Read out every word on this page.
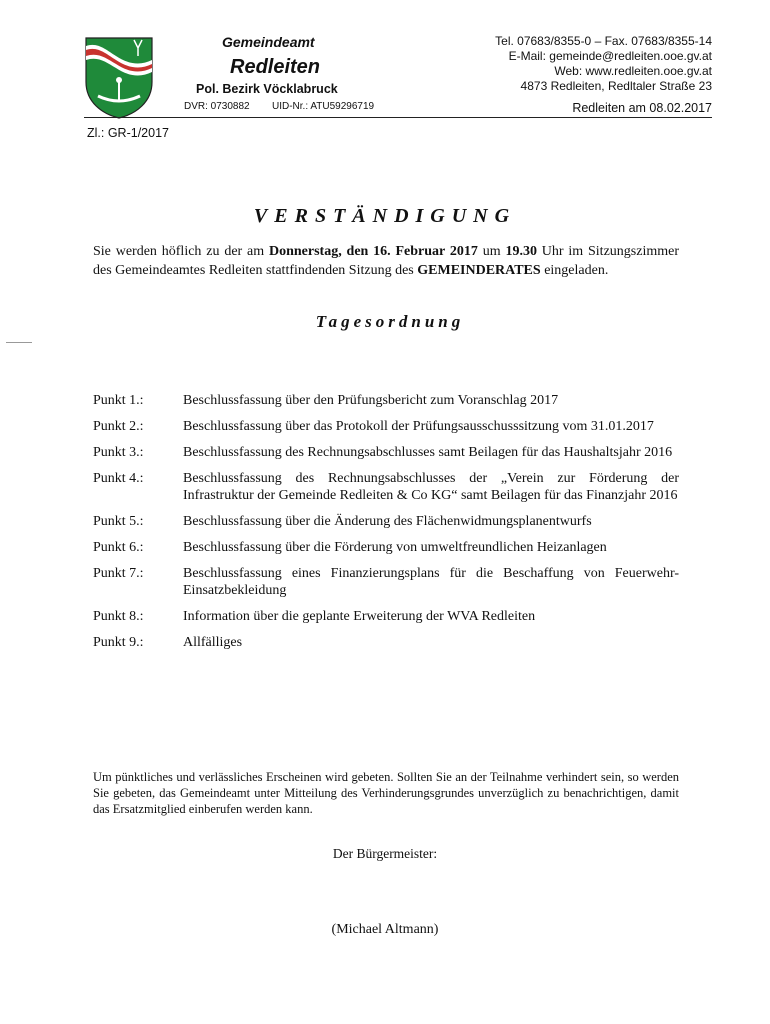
Gemeindeamt
Redleiten
Pol. Bezirk Vöcklabruck
DVR: 0730882 UID-Nr.: ATU59296719
Tel. 07683/8355-0 – Fax. 07683/8355-14
E-Mail: gemeinde@redleiten.ooe.gv.at
Web: www.redleiten.ooe.gv.at
4873 Redleiten, Redltaler Straße 23
Redleiten am 08.02.2017
Zl.: GR-1/2017
VERSTÄNDIGUNG
Sie werden höflich zu der am Donnerstag, den 16. Februar 2017 um 19.30 Uhr im Sitzungszimmer des Gemeindeamtes Redleiten stattfindenden Sitzung des GEMEINDERATES eingeladen.
Tagesordnung
Punkt 1.:	Beschlussfassung über den Prüfungsbericht zum Voranschlag 2017
Punkt 2.:	Beschlussfassung über das Protokoll der Prüfungsausschusssitzung vom 31.01.2017
Punkt 3.:	Beschlussfassung des Rechnungsabschlusses samt Beilagen für das Haushaltsjahr 2016
Punkt 4.:	Beschlussfassung des Rechnungsabschlusses der „Verein zur Förderung der Infrastruktur der Gemeinde Redleiten & Co KG“ samt Beilagen für das Finanzjahr 2016
Punkt 5.:	Beschlussfassung über die Änderung des Flächenwidmungsplanentwurfs
Punkt 6.:	Beschlussfassung über die Förderung von umweltfreundlichen Heizanlagen
Punkt 7.:	Beschlussfassung eines Finanzierungsplans für die Beschaffung von Feuerwehr-Einsatzbekleidung
Punkt 8.:	Information über die geplante Erweiterung der WVA Redleiten
Punkt 9.:	Allfälliges
Um pünktliches und verlässliches Erscheinen wird gebeten. Sollten Sie an der Teilnahme verhindert sein, so werden Sie gebeten, das Gemeindeamt unter Mitteilung des Verhinderungsgrundes unverzüglich zu benachrichtigen, damit das Ersatzmitglied einberufen werden kann.
Der Bürgermeister:
(Michael Altmann)
